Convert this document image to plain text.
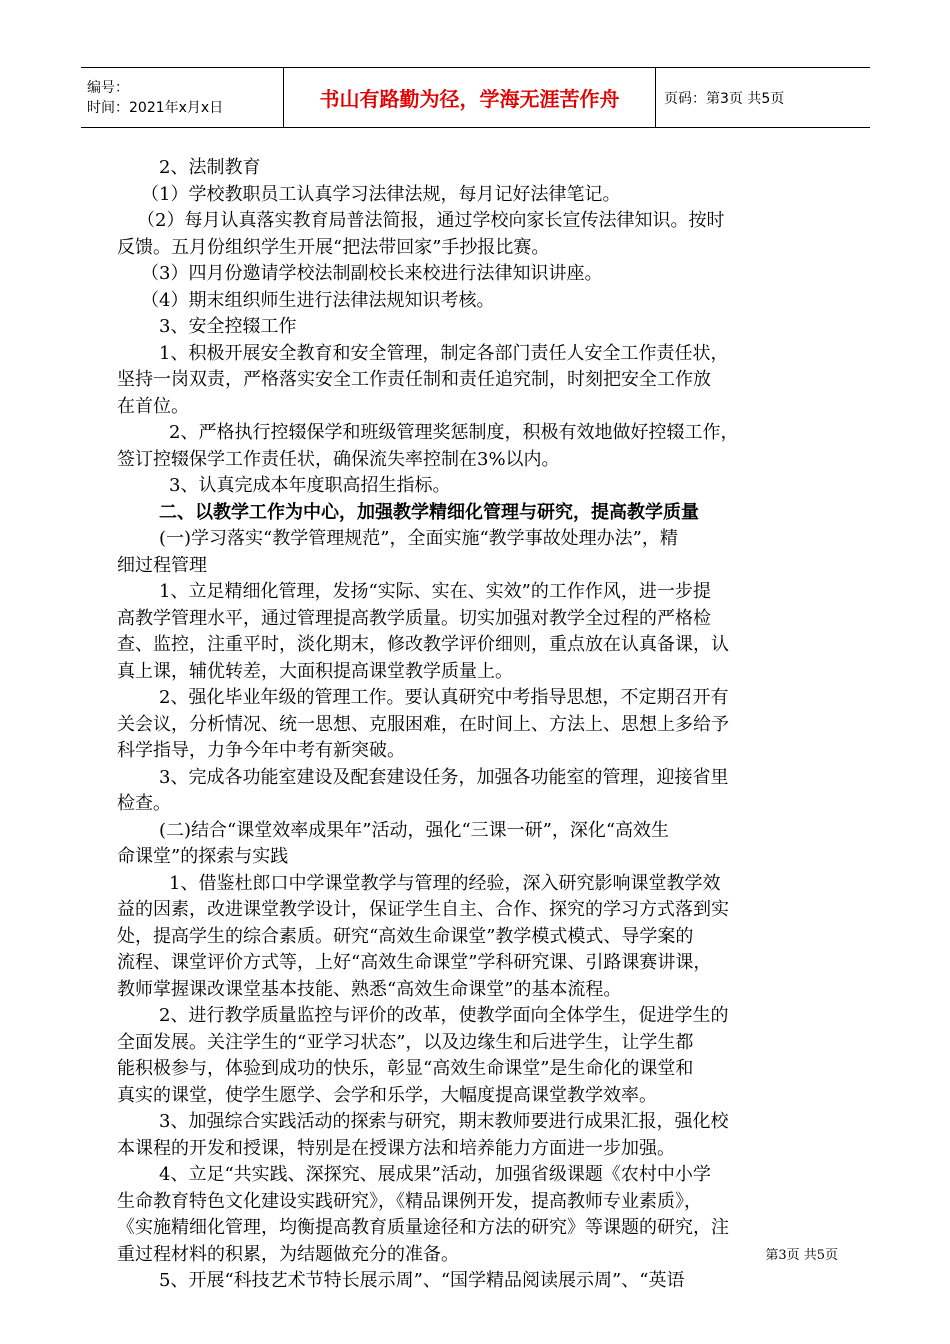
编号：
时间：2021年x月x日	书山有路勤为径，学海无涯苦作舟	页码：第3页 共5页

2、法制教育

（1）学校教职员工认真学习法律法规，每月记好法律笔记。

（2）每月认真落实教育局普法简报，通过学校向家长宣传法律知识。按时

反馈。五月份组织学生开展“把法带回家”手抄报比赛。

（3）四月份邀请学校法制副校长来校进行法律知识讲座。

（4）期末组织师生进行法律法规知识考核。

3、安全控辍工作

1、积极开展安全教育和安全管理，制定各部门责任人安全工作责任状，

坚持一岗双责，严格落实安全工作责任制和责任追究制，时刻把安全工作放

在首位。

2、严格执行控辍保学和班级管理奖惩制度，积极有效地做好控辍工作，

签订控辍保学工作责任状，确保流失率控制在3%以内。

3、认真完成本年度职高招生指标。

二、以教学工作为中心，加强教学精细化管理与研究，提高教学质量

(一)学习落实“教学管理规范”，全面实施“教学事故处理办法”，精

细过程管理

1、立足精细化管理，发扬“实际、实在、实效”的工作作风，进一步提

高教学管理水平，通过管理提高教学质量。切实加强对教学全过程的严格检

查、监控，注重平时，淡化期末，修改教学评价细则，重点放在认真备课，认

真上课，辅优转差，大面积提高课堂教学质量上。

2、强化毕业年级的管理工作。要认真研究中考指导思想，不定期召开有

关会议，分析情况、统一思想、克服困难，在时间上、方法上、思想上多给予

科学指导，力争今年中考有新突破。

3、完成各功能室建设及配套建设任务，加强各功能室的管理，迎接省里

检查。

(二)结合“课堂效率成果年”活动，强化“三课一研”，深化“高效生

命课堂”的探索与实践

1、借鉴杜郎口中学课堂教学与管理的经验，深入研究影响课堂教学效

益的因素，改进课堂教学设计，保证学生自主、合作、探究的学习方式落到实

处，提高学生的综合素质。研究“高效生命课堂”教学模式模式、导学案的

流程、课堂评价方式等，上好“高效生命课堂”学科研究课、引路课赛讲课，

教师掌握课改课堂基本技能、熟悉“高效生命课堂”的基本流程。

2、进行教学质量监控与评价的改革，使教学面向全体学生，促进学生的

全面发展。关注学生的“亚学习状态”，以及边缘生和后进学生，让学生都

能积极参与，体验到成功的快乐，彰显“高效生命课堂”是生命化的课堂和

真实的课堂，使学生愿学、会学和乐学，大幅度提高课堂教学效率。

3、加强综合实践活动的探索与研究，期末教师要进行成果汇报，强化校

本课程的开发和授课，特别是在授课方法和培养能力方面进一步加强。

4、立足“共实践、深探究、展成果”活动，加强省级课题《农村中小学

生命教育特色文化建设实践研究》，《精品课例开发，提高教师专业素质》，

《实施精细化管理，均衡提高教育质量途径和方法的研究》等课题的研究，注

重过程材料的积累，为结题做充分的准备。

5、开展“科技艺术节特长展示周”、“国学精品阅读展示周”、“英语

第3页 共5页
